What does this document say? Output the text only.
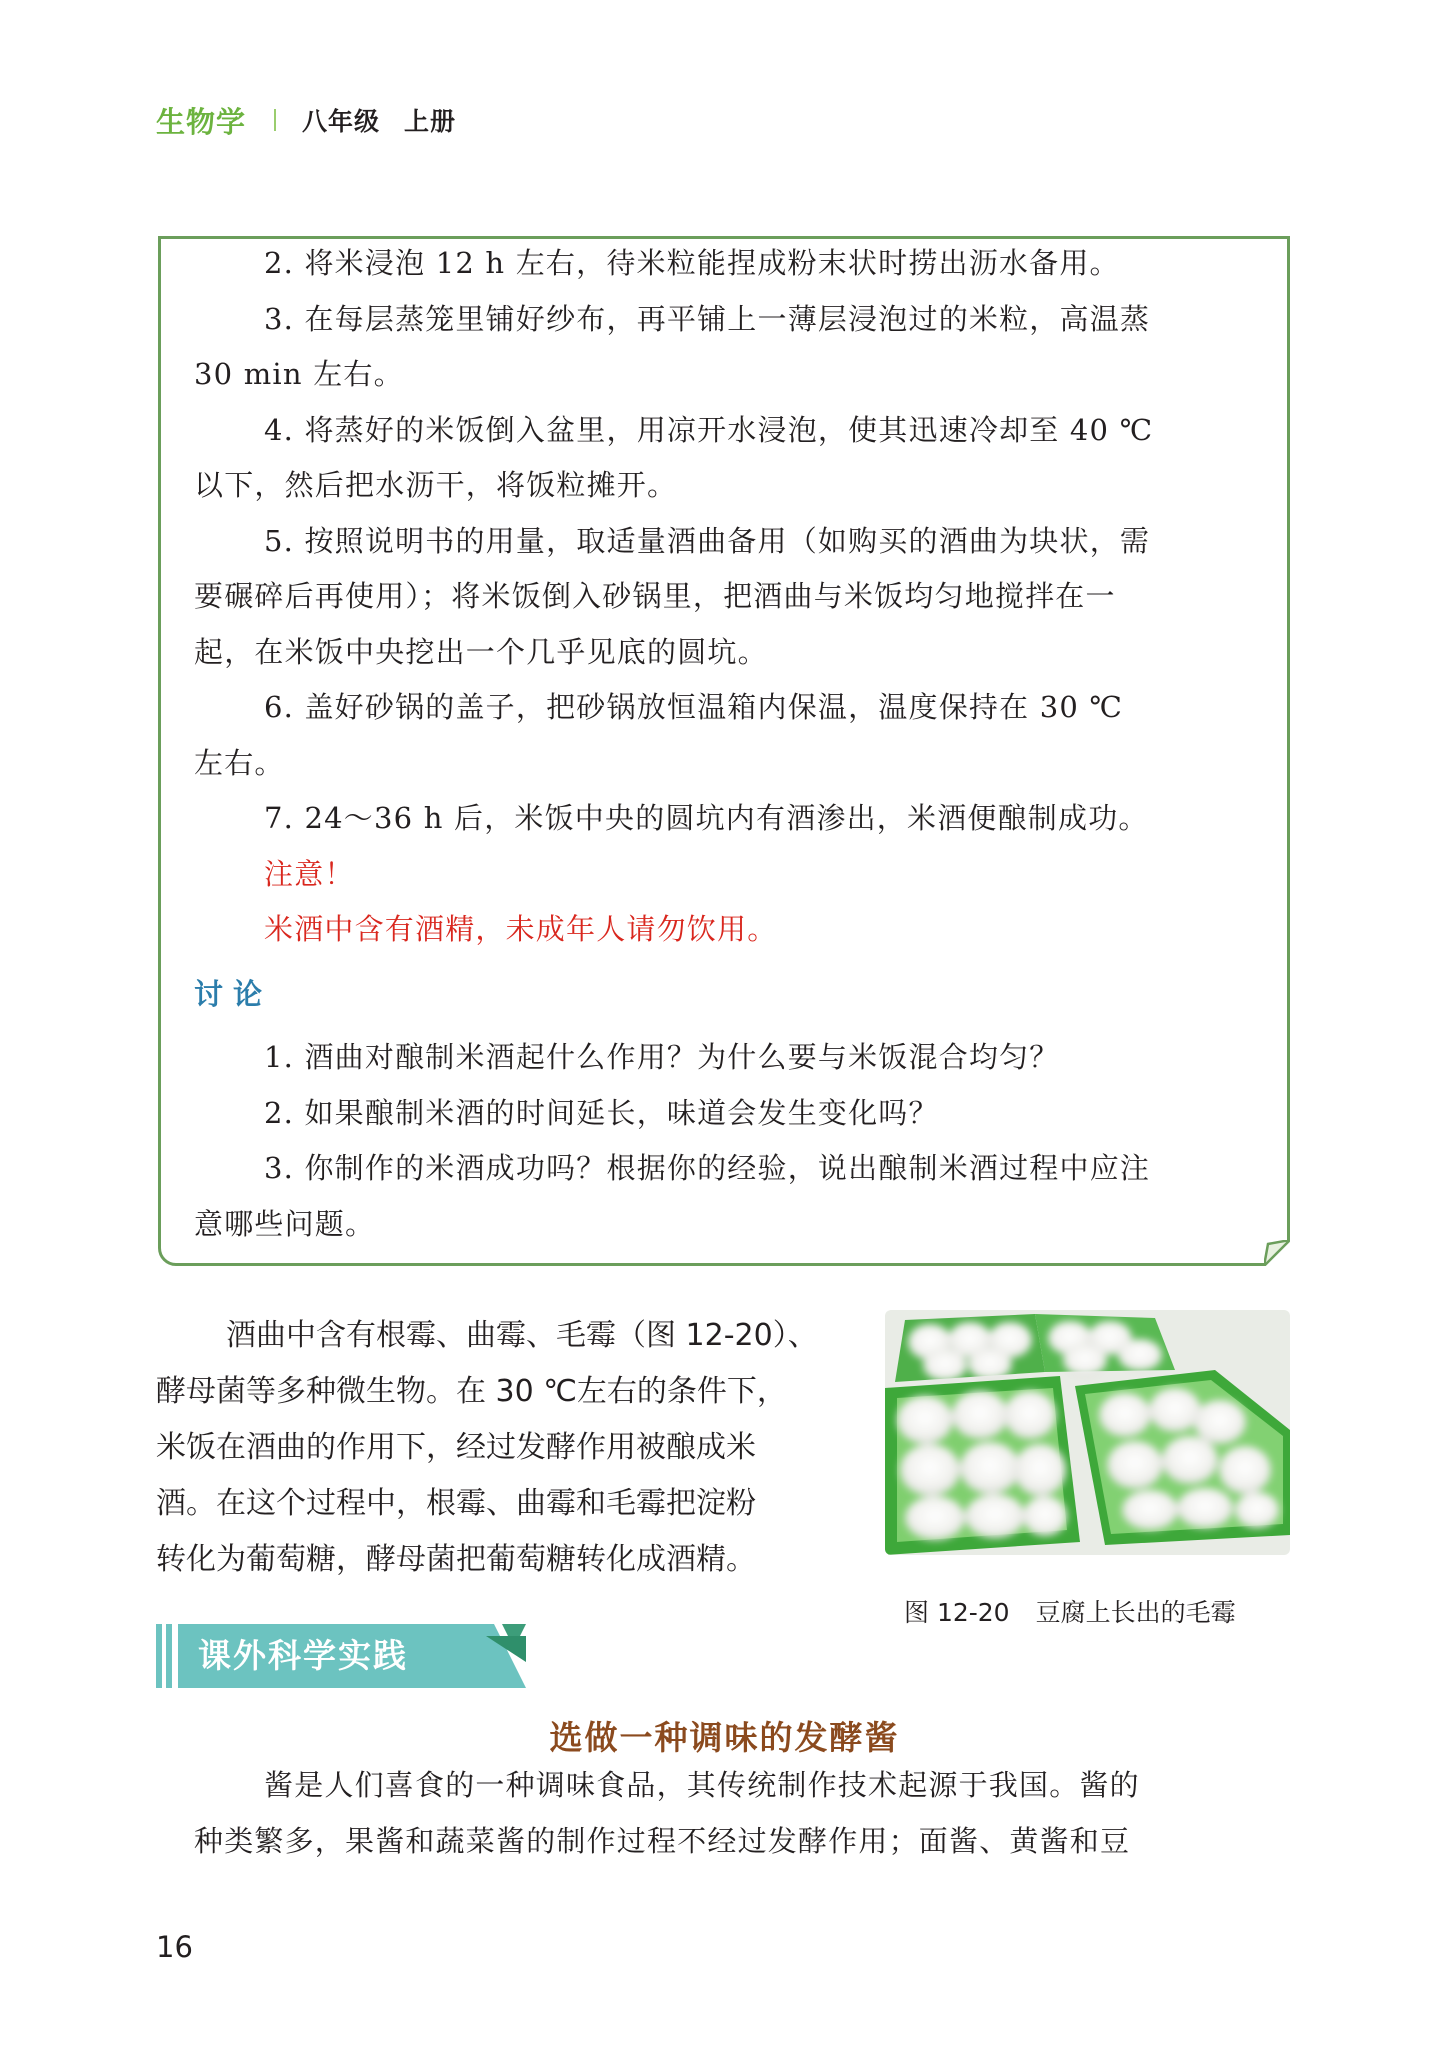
生物学 八年级 上册
2. 将米浸泡 12 h 左右，待米粒能捏成粉末状时捞出沥水备用。
3. 在每层蒸笼里铺好纱布，再平铺上一薄层浸泡过的米粒，高温蒸
30 min 左右。
4. 将蒸好的米饭倒入盆里，用凉开水浸泡，使其迅速冷却至 40 ℃
以下，然后把水沥干，将饭粒摊开。
5. 按照说明书的用量，取适量酒曲备用（如购买的酒曲为块状，需
要碾碎后再使用）；将米饭倒入砂锅里，把酒曲与米饭均匀地搅拌在一
起，在米饭中央挖出一个几乎见底的圆坑。
6. 盖好砂锅的盖子，把砂锅放恒温箱内保温，温度保持在 30 ℃
左右。
7. 24～36 h 后，米饭中央的圆坑内有酒渗出，米酒便酿制成功。
注意！
米酒中含有酒精，未成年人请勿饮用。
讨论
1. 酒曲对酿制米酒起什么作用？为什么要与米饭混合均匀？
2. 如果酿制米酒的时间延长，味道会发生变化吗？
3. 你制作的米酒成功吗？根据你的经验，说出酿制米酒过程中应注
意哪些问题。
酒曲中含有根霉、曲霉、毛霉（图 12-20）、
酵母菌等多种微生物。在 30 ℃左右的条件下，
米饭在酒曲的作用下，经过发酵作用被酿成米
酒。在这个过程中，根霉、曲霉和毛霉把淀粉
转化为葡萄糖，酵母菌把葡萄糖转化成酒精。
图 12-20 豆腐上长出的毛霉
课外科学实践
选做一种调味的发酵酱
酱是人们喜食的一种调味食品，其传统制作技术起源于我国。酱的
种类繁多，果酱和蔬菜酱的制作过程不经过发酵作用；面酱、黄酱和豆
16
